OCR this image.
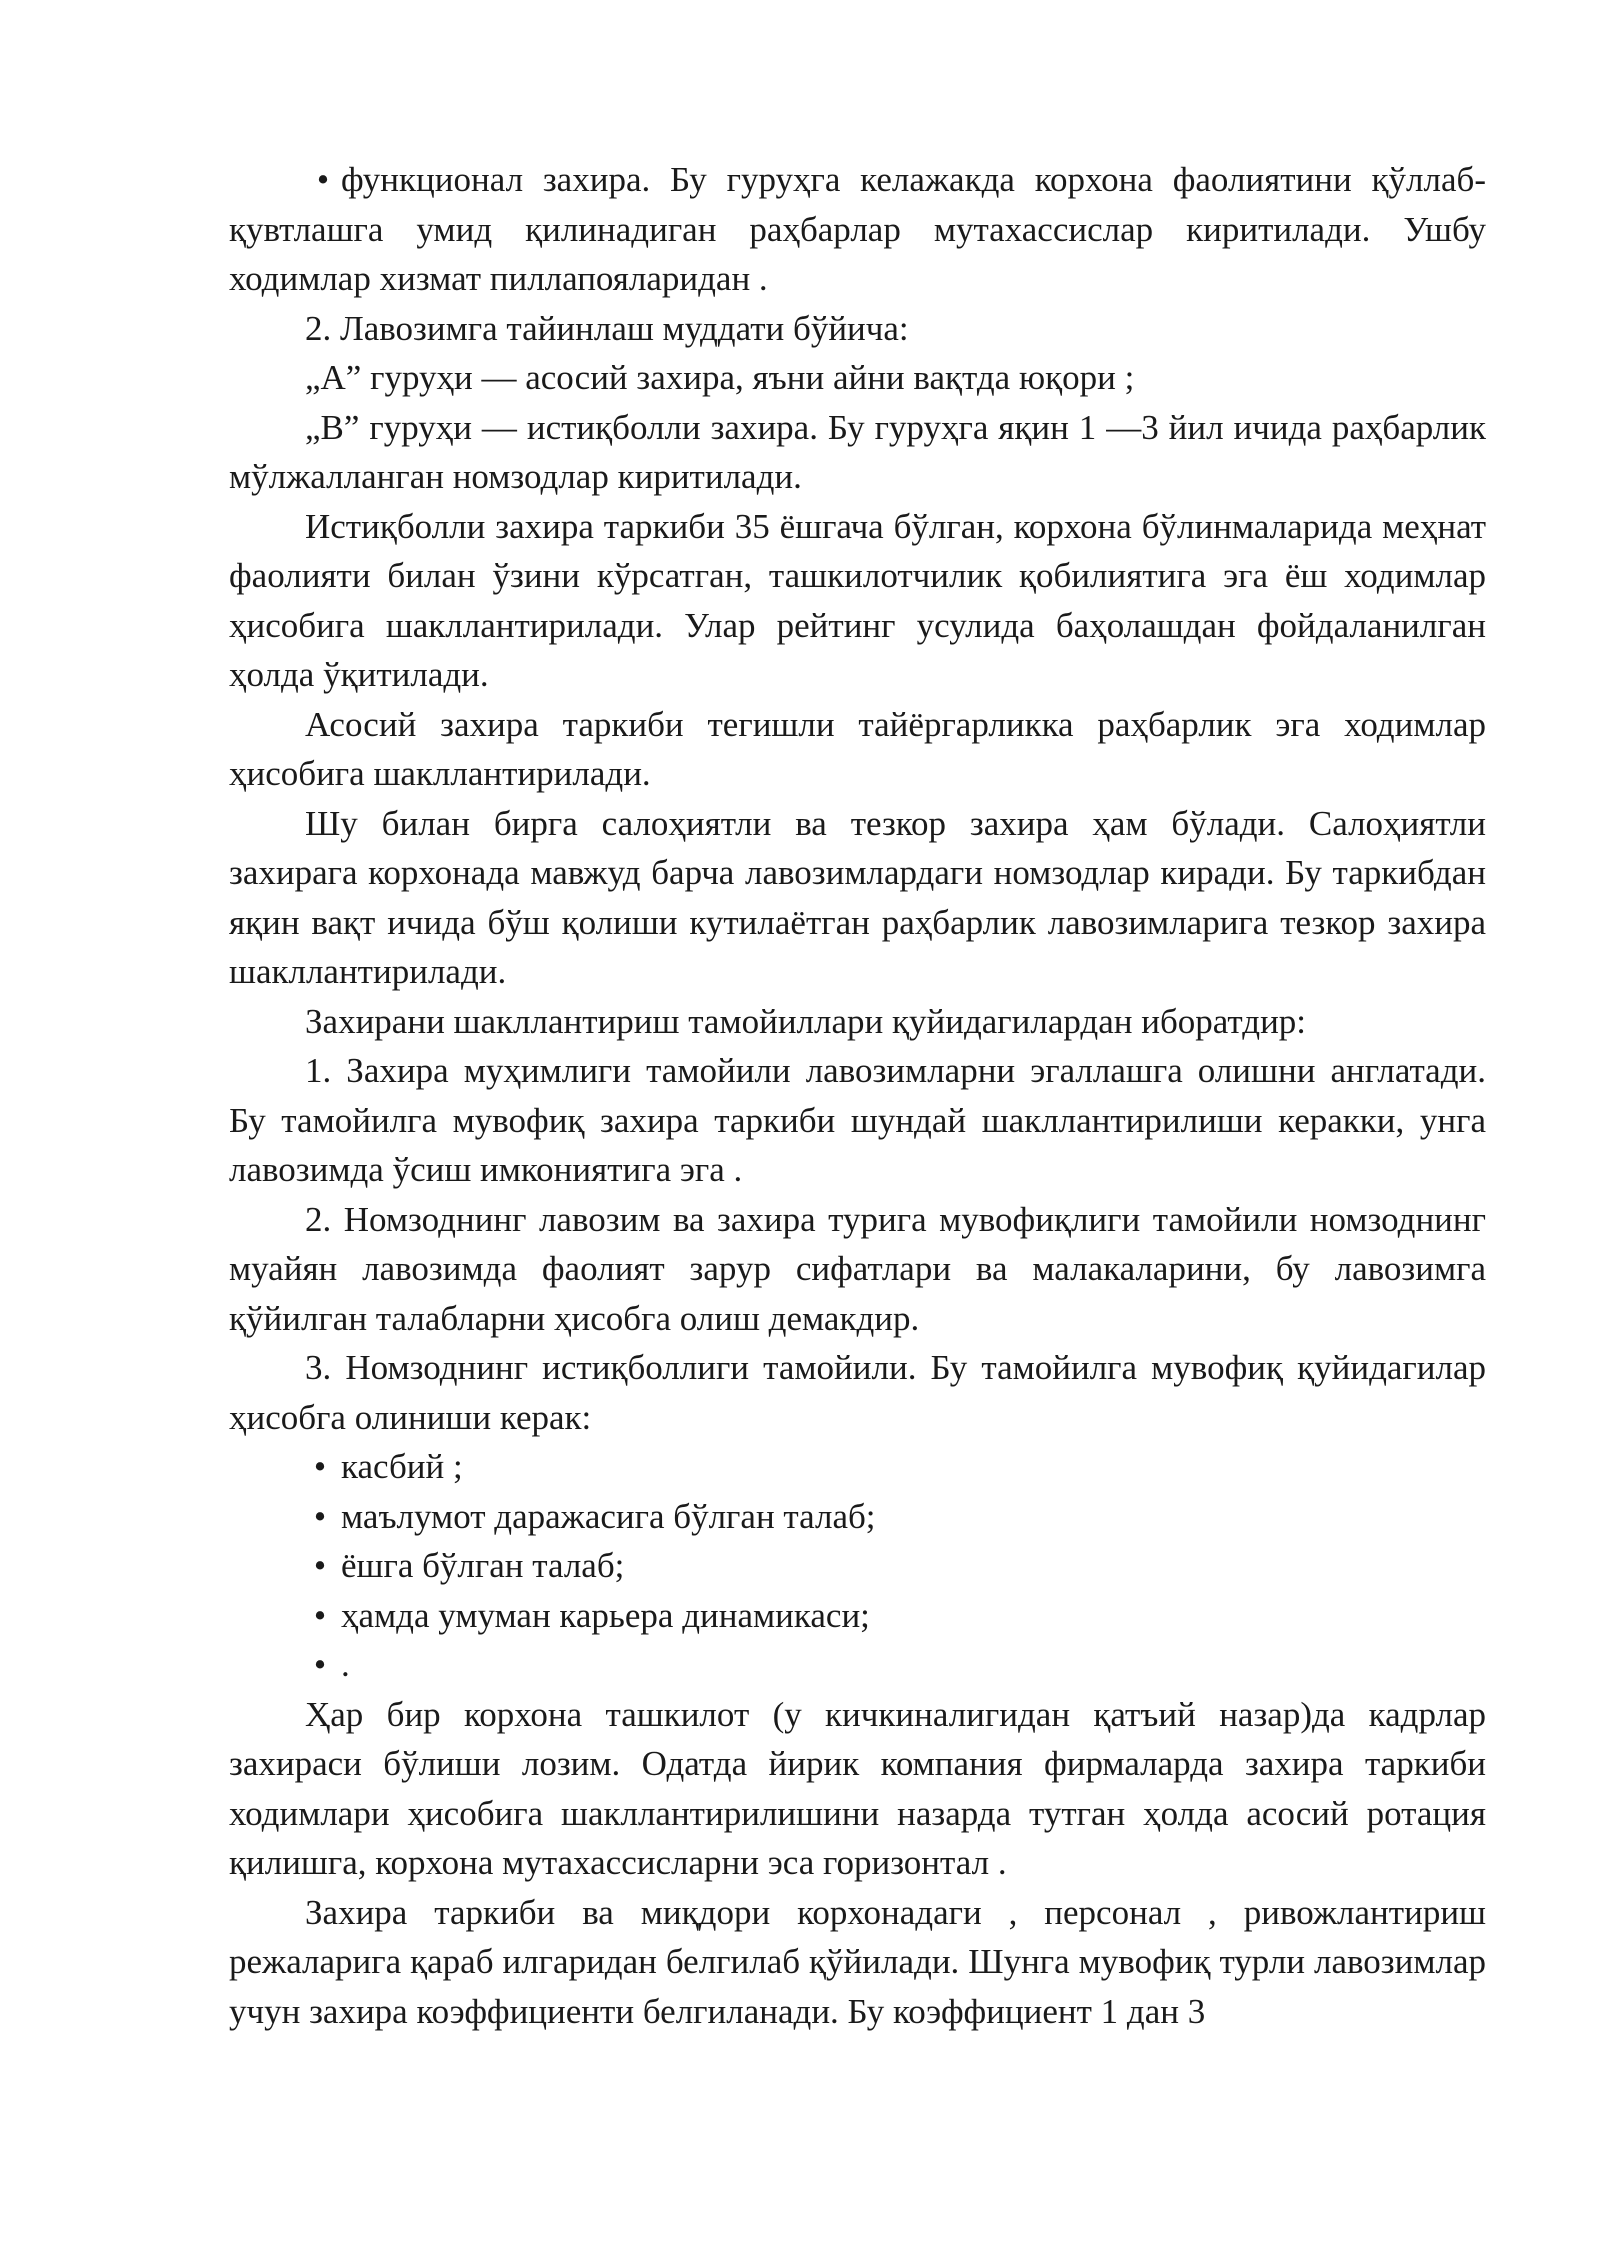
• функционал захира. Бу гуруҳга келажакда корхона фаолиятини қўллаб-қувтлашга умид қилинадиган раҳбарлар мутахассислар киритилади. Ушбу ходимлар хизмат пиллапояларидан .

2. Лавозимга тайинлаш муддати бўйича:

„А” гуруҳи — асосий захира, яъни айни вақтда юқори ;

„В” гуруҳи — истиқболли захира. Бу гуруҳга яқин 1 —3 йил ичида раҳбарлик мўлжалланган номзодлар киритилади.

Истиқболли захира таркиби 35 ёшгача бўлган, корхона бўлинмаларида меҳнат фаолияти билан ўзини кўрсатган, ташкилотчилик қобилиятига эга ёш ходимлар ҳисобига шакллантирилади. Улар рейтинг усулида баҳолашдан фойдаланилган ҳолда ўқитилади.

Асосий захира таркиби тегишли тайёргарликка раҳбарлик эга ходимлар ҳисобига шакллантирилади.

Шу билан бирга салоҳиятли ва тезкор захира ҳам бўлади. Салоҳиятли захирага корхонада мавжуд барча лавозимлардаги номзодлар киради. Бу таркибдан яқин вақт ичида бўш қолиши кутилаётган раҳбарлик лавозимларига тезкор захира шакллантирилади.

Захирани шакллантириш тамойиллари қуйидагилардан иборатдир:

1. Захира муҳимлиги тамойили лавозимларни эгаллашга олишни англатади. Бу тамойилга мувофиқ захира таркиби шундай шакллантирилиши керакки, унга лавозимда ўсиш имкониятига эга .

2. Номзоднинг лавозим ва захира турига мувофиқлиги тамойили номзоднинг муайян лавозимда фаолият зарур сифатлари ва малакаларини, бу лавозимга қўйилган талабларни ҳисобга олиш демакдир.

3. Номзоднинг истиқболлиги тамойили. Бу тамойилга мувофиқ қуйидагилар ҳисобга олиниши керак:

• касбий ;
• маълумот даражасига бўлган талаб;
• ёшга бўлган талаб;
• ҳамда умуман карьера динамикаси;
• .

Ҳар бир корхона ташкилот (у кичкиналигидан қатъий назар)да кадрлар захираси бўлиши лозим. Одатда йирик компания фирмаларда захира таркиби ходимлари ҳисобига шакллантирилишини назарда тутган ҳолда асосий ротация қилишга, корхона мутахассисларни эса горизонтал .

Захира таркиби ва миқдори корхонадаги , персонал , ривожлантириш режаларига қараб илгаридан белгилаб қўйилади. Шунга мувофиқ турли лавозимлар учун захира коэффициенти белгиланади. Бу коэффициент 1 дан 3
